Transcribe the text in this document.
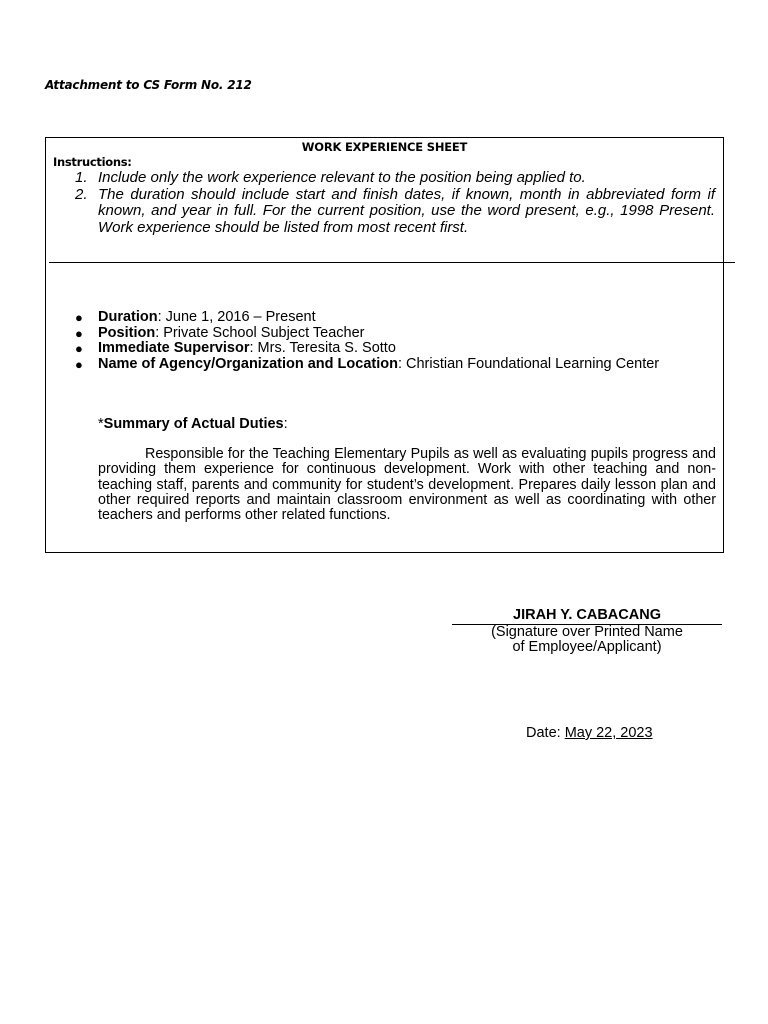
Attachment to CS Form No. 212
WORK EXPERIENCE SHEET
Instructions:
1. Include only the work experience relevant to the position being applied to.
2. The duration should include start and finish dates, if known, month in abbreviated form if known, and year in full. For the current position, use the word present, e.g., 1998 Present. Work experience should be listed from most recent first.
● Duration: June 1, 2016 – Present
● Position: Private School Subject Teacher
● Immediate Supervisor: Mrs. Teresita S. Sotto
● Name of Agency/Organization and Location: Christian Foundational Learning Center
*Summary of Actual Duties:

Responsible for the Teaching Elementary Pupils as well as evaluating pupils progress and providing them experience for continuous development. Work with other teaching and non-teaching staff, parents and community for student’s development. Prepares daily lesson plan and other required reports and maintain classroom environment as well as coordinating with other teachers and performs other related functions.

JIRAH Y. CABACANG
(Signature over Printed Name
of Employee/Applicant)
Date: May 22, 2023
